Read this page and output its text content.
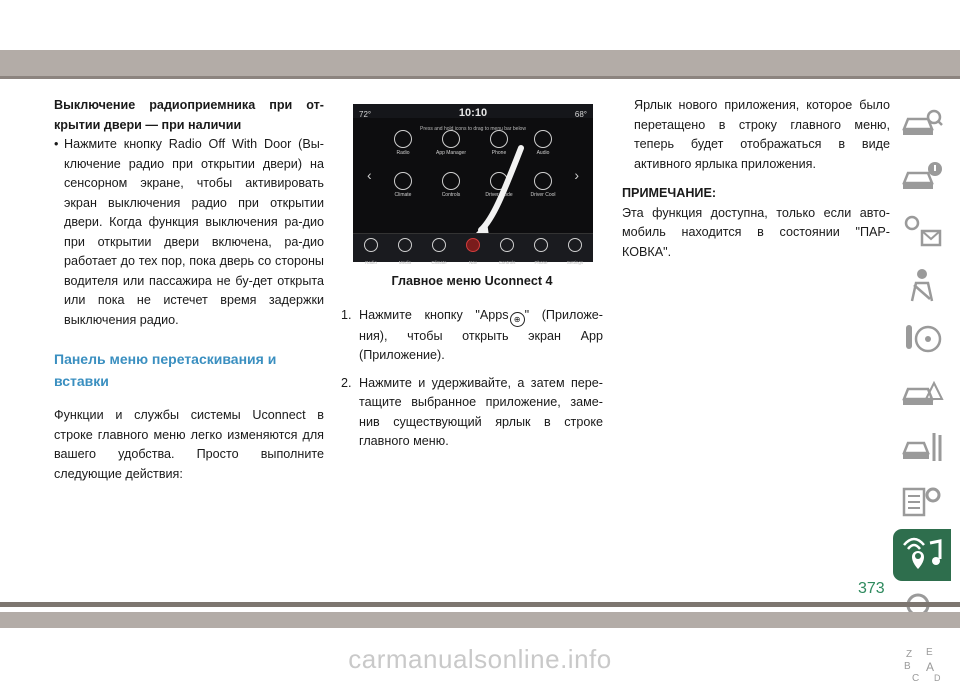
Выключение радиоприемника при от-крытии двери — при наличии

• Нажмите кнопку Radio Off With Door (Вы-ключение радио при открытии двери) на сенсорном экране, чтобы активировать экран выключения радио при открытии двери. Когда функция выключения ра-дио при открытии двери включена, ра-дио работает до тех пор, пока дверь со стороны водителя или пассажира не бу-дет открыта или пока не истечет время задержки выключения радио.

Панель меню перетаскивания и вставки

Функции и службы системы Uconnect в строке главного меню легко изменяются для вашего удобства. Просто выполните следующие действия:

72°	10:10	68°
Press and hold icons to drag to menu bar below
‹	›
Radio	App Manager	Phone	Audio
Climate	Controls	Driver Mode	Driver Cool
Radio	Media	Climate	Nav	Controls	Phone	Settings

Главное меню Uconnect 4

1. Нажмите кнопку "Apps ⊕ " (Приложе-ния), чтобы открыть экран App (Приложение).
2. Нажмите и удерживайте, а затем пере-тащите выбранное приложение, заме-нив существующий ярлык в строке главного меню.

Ярлык нового приложения, которое было перетащено в строку главного меню, теперь будет отображаться в виде активного ярлыка приложения.

ПРИМЕЧАНИЕ:

Эта функция доступна, только если авто-мобиль находится в состоянии "ПАР-КОВКА".

Z E
B A
C D
373
carmanualsonline.info
